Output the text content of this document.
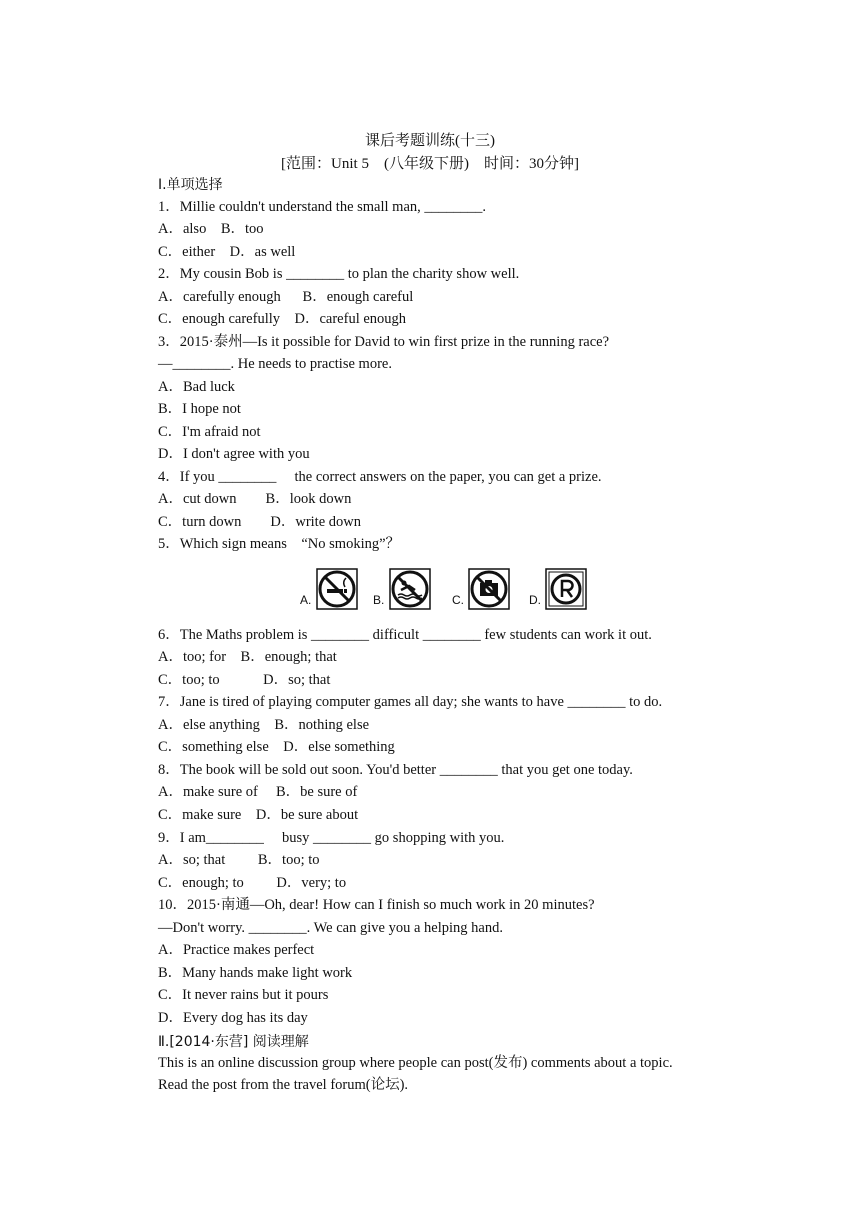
课后考题训练(十三)
[范围：Unit 5　(八年级下册)　时间：30分钟]
Ⅰ.单项选择
1．Millie couldn't understand the small man, ________.
A．also　B．too
C．either　D．as well
2．My cousin Bob is ________ to plan the charity show well.
A．carefully enough　  B．enough careful
C．enough carefully　D．careful enough
3．2015·泰州—Is it possible for David to win first prize in the running race?
—________. He needs to practise more.
A．Bad luck
B．I hope not
C．I'm afraid not
D．I don't agree with you
4．If you ________　 the correct answers on the paper, you can get a prize.
A．cut down　　B．look down
C．turn down　　D．write down
5．Which sign means　“No smoking”？
A.	B.	C.	D.
6．The Maths problem is ________ difficult ________ few students can work it out.
A．too; for　B．enough; that
C．too; to　　　D．so; that
7．Jane is tired of playing computer games all day; she wants to have ________ to do.
A．else anything　B．nothing else
C．something else　D．else something
8．The book will be sold out soon. You'd better ________ that you get one today.
A．make sure of　 B．be sure of
C．make sure　D．be sure about
9．I am________　 busy ________ go shopping with you.
A．so; that　　 B．too; to
C．enough; to　　 D．very; to
10．2015·南通—Oh, dear! How can I finish so much work in 20 minutes?
—Don't worry. ________. We can give you a helping hand.
A．Practice makes perfect
B．Many hands make light work
C．It never rains but it pours
D．Every dog has its day
Ⅱ.[2014·东营] 阅读理解
This is an online discussion group where people can post(发布) comments about a topic.
Read the post from the travel forum(论坛).
